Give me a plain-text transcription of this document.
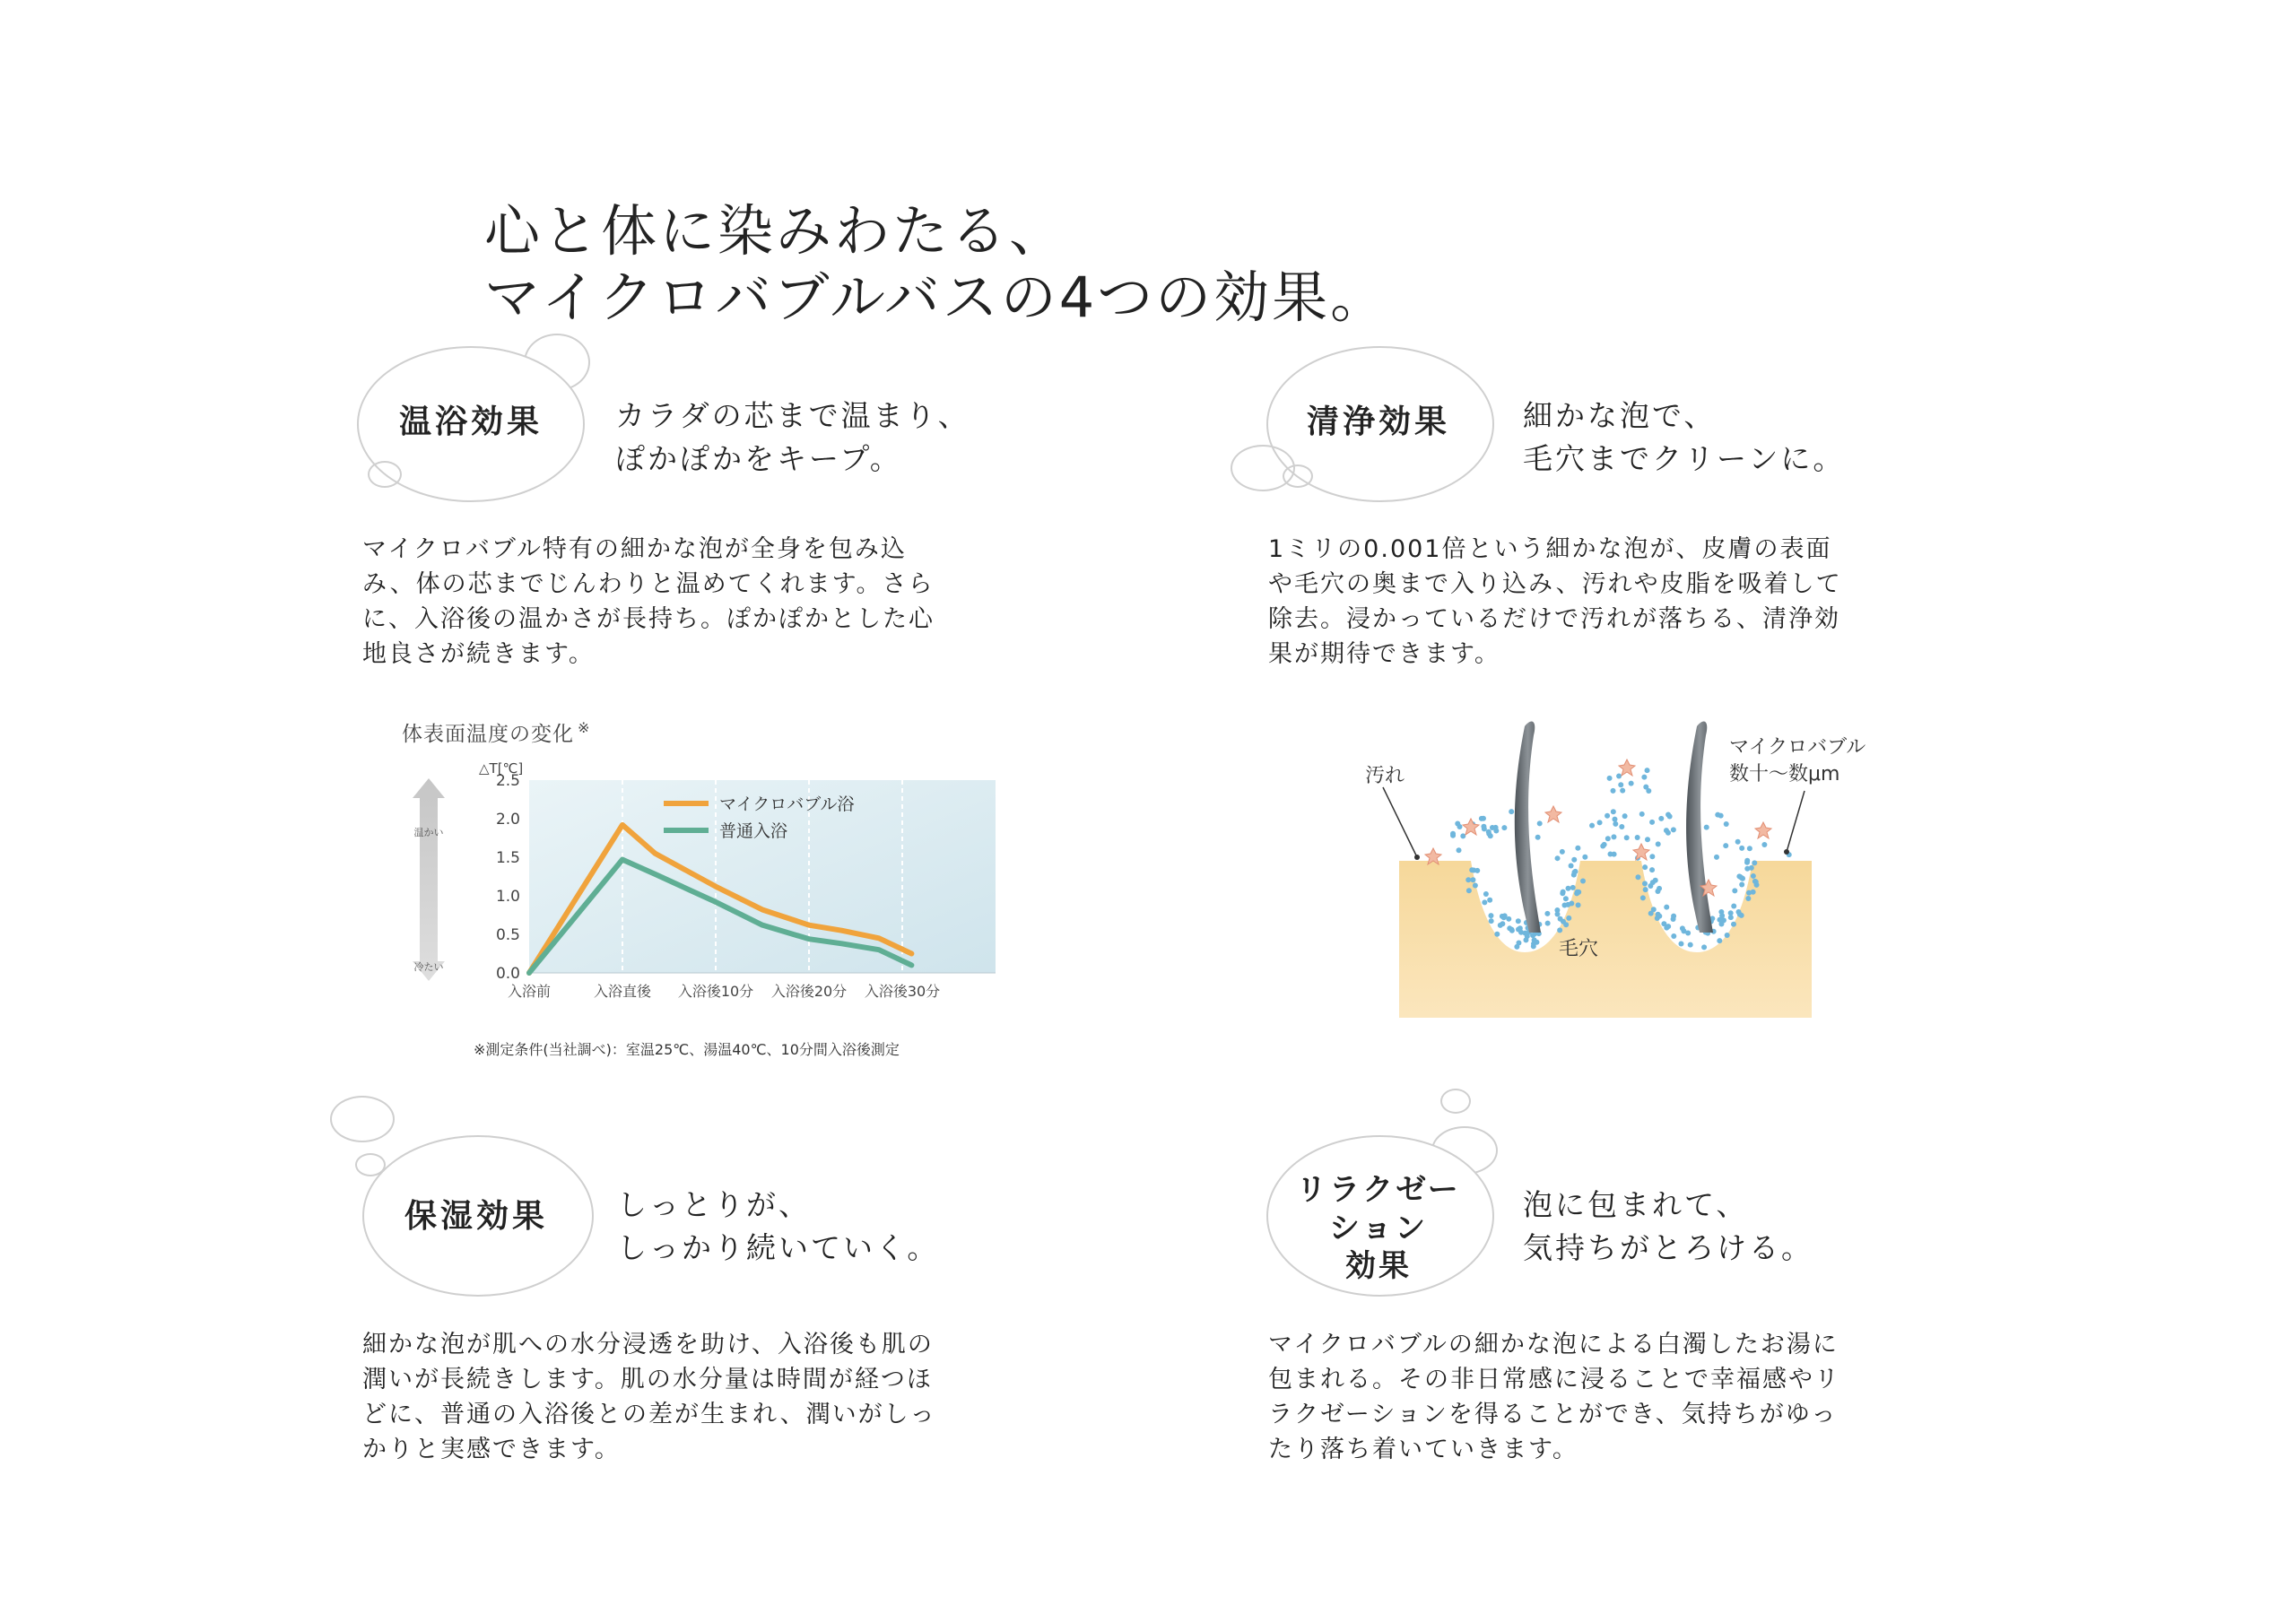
心と体に染みわたる、
マイクロバブルバスの4つの効果。
温浴効果	カラダの芯まで温まり、
ぽかぽかをキープ。
マイクロバブル特有の細かな泡が全身を包み込
み、体の芯までじんわりと温めてくれます。さら
に、入浴後の温かさが長持ち。ぽかぽかとした心
地良さが続きます。
清浄効果	細かな泡で、
毛穴までクリーンに。
1ミリの0.001倍という細かな泡が、皮膚の表面
や毛穴の奥まで入り込み、汚れや皮脂を吸着して
除去。浸かっているだけで汚れが落ちる、清浄効
果が期待できます。
体表面温度の変化 ※
温かい
冷たい	0.0
0.5
1.0
1.5
2.0
2.5
△T[℃]
入浴前	入浴直後 入浴後10分 入浴後20分 入浴後30分
マイクロバブル浴
普通入浴
※測定条件(当社調べ)：室温25℃、湯温40℃、10分間入浴後測定
汚れ
マイクロバブル
数十〜数μm
毛穴
保湿効果	しっとりが、
しっかり続いていく。
細かな泡が肌への水分浸透を助け、入浴後も肌の
潤いが長続きします。肌の水分量は時間が経つほ
どに、普通の入浴後との差が生まれ、潤いがしっ
かりと実感できます。
リラクゼー
ション
効果
泡に包まれて、
気持ちがとろける。
マイクロバブルの細かな泡による白濁したお湯に
包まれる。その非日常感に浸ることで幸福感やリ
ラクゼーションを得ることができ、気持ちがゆっ
たり落ち着いていきます。
